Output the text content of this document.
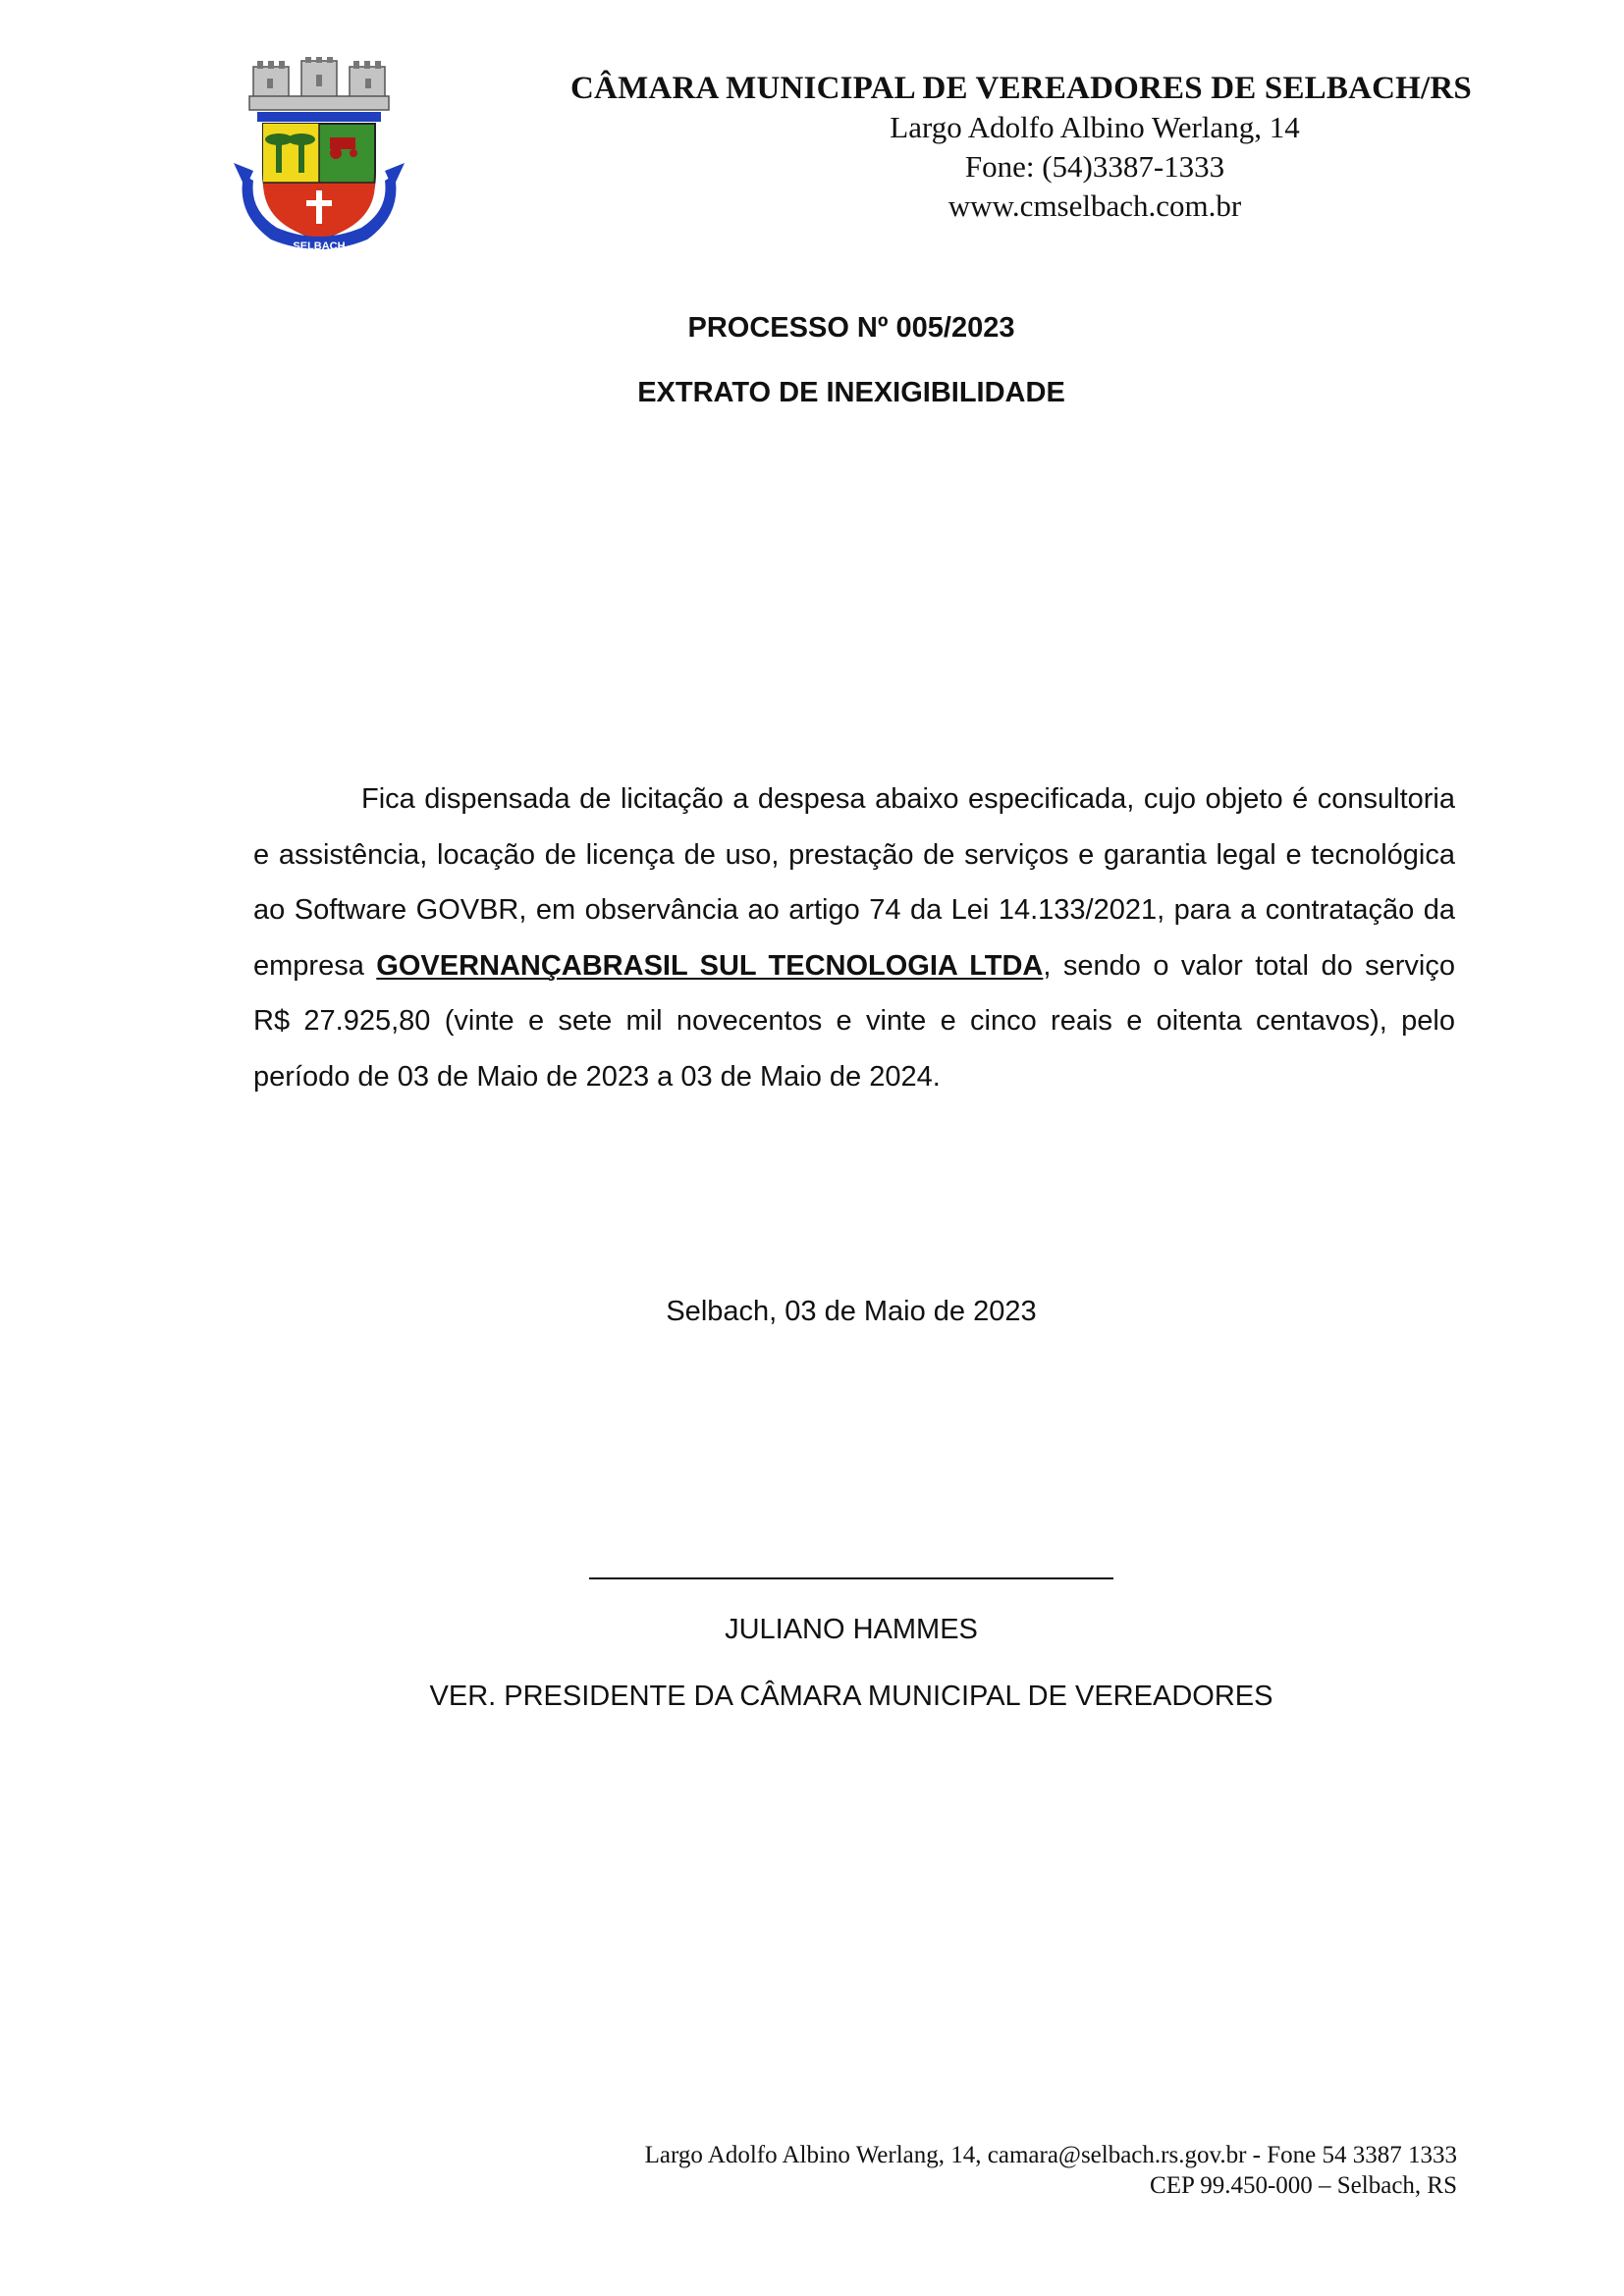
SELBACH
CÂMARA MUNICIPAL DE VEREADORES DE SELBACH/RS
Largo Adolfo Albino Werlang, 14
Fone: (54)3387-1333
www.cmselbach.com.br
PROCESSO Nº 005/2023
EXTRATO DE INEXIGIBILIDADE

Fica dispensada de licitação a despesa abaixo especificada, cujo objeto é consultoria e assistência, locação de licença de uso, prestação de serviços e garantia legal e tecnológica ao Software GOVBR, em observância ao artigo 74 da Lei 14.133/2021, para a contratação da empresa GOVERNANÇABRASIL SUL TECNOLOGIA LTDA, sendo o valor total do serviço R$ 27.925,80 (vinte e sete mil novecentos e vinte e cinco reais e oitenta centavos), pelo período de 03 de Maio de 2023 a 03 de Maio de 2024.

Selbach, 03 de Maio de 2023
JULIANO HAMMES
VER. PRESIDENTE DA CÂMARA MUNICIPAL DE VEREADORES
Largo Adolfo Albino Werlang, 14, camara@selbach.rs.gov.br - Fone 54 3387 1333
CEP 99.450-000 – Selbach, RS
